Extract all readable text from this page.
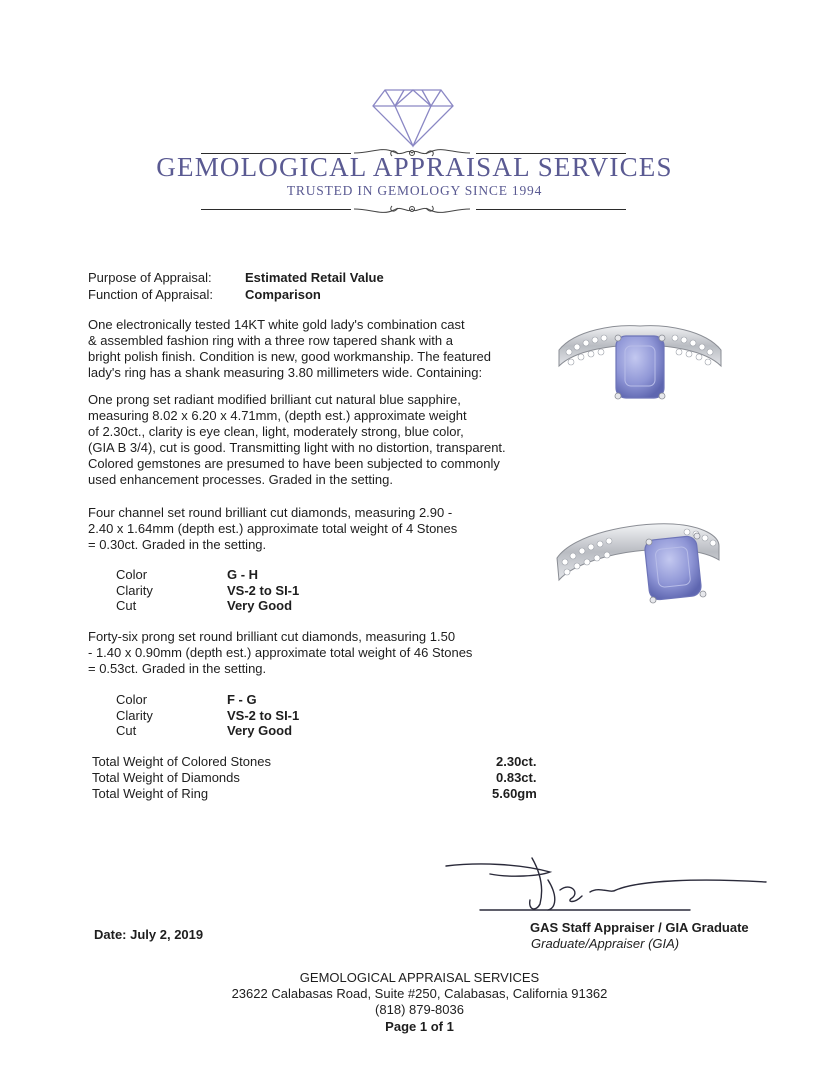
GEMOLOGICAL APPRAISAL SERVICES
TRUSTED IN GEMOLOGY SINCE 1994
Purpose of Appraisal:	Estimated Retail Value
Function of Appraisal: Comparison
One electronically tested 14KT white gold lady's combination cast
& assembled fashion ring with a three row tapered shank with a
bright polish finish. Condition is new, good workmanship. The featured
lady's ring has a shank measuring 3.80 millimeters wide. Containing:
One prong set radiant modified brilliant cut natural blue sapphire,
measuring 8.02 x 6.20 x 4.71mm, (depth est.) approximate weight
of 2.30ct., clarity is eye clean, light, moderately strong, blue color,
(GIA B 3/4), cut is good. Transmitting light with no distortion, transparent.
Colored gemstones are presumed to have been subjected to commonly
used enhancement processes. Graded in the setting.
Four channel set round brilliant cut diamonds, measuring 2.90 -
2.40 x 1.64mm (depth est.) approximate total weight of 4 Stones
= 0.30ct. Graded in the setting.
Color	G - H
Clarity	VS-2 to SI-1
Cut	Very Good
Forty-six prong set round brilliant cut diamonds, measuring 1.50
- 1.40 x 0.90mm (depth est.) approximate total weight of 46 Stones
= 0.53ct. Graded in the setting.
Color	F - G
Clarity	VS-2 to SI-1
Cut	Very Good
Total Weight of Colored Stones	2.30ct.
Total Weight of Diamonds	0.83ct.
Total Weight of Ring	5.60gm
Date: July 2, 2019	GAS Staff Appraiser / GIA Graduate
Graduate/Appraiser (GIA)
GEMOLOGICAL APPRAISAL SERVICES
23622 Calabasas Road, Suite #250, Calabasas, California 91362
(818) 879-8036
Page 1 of 1
